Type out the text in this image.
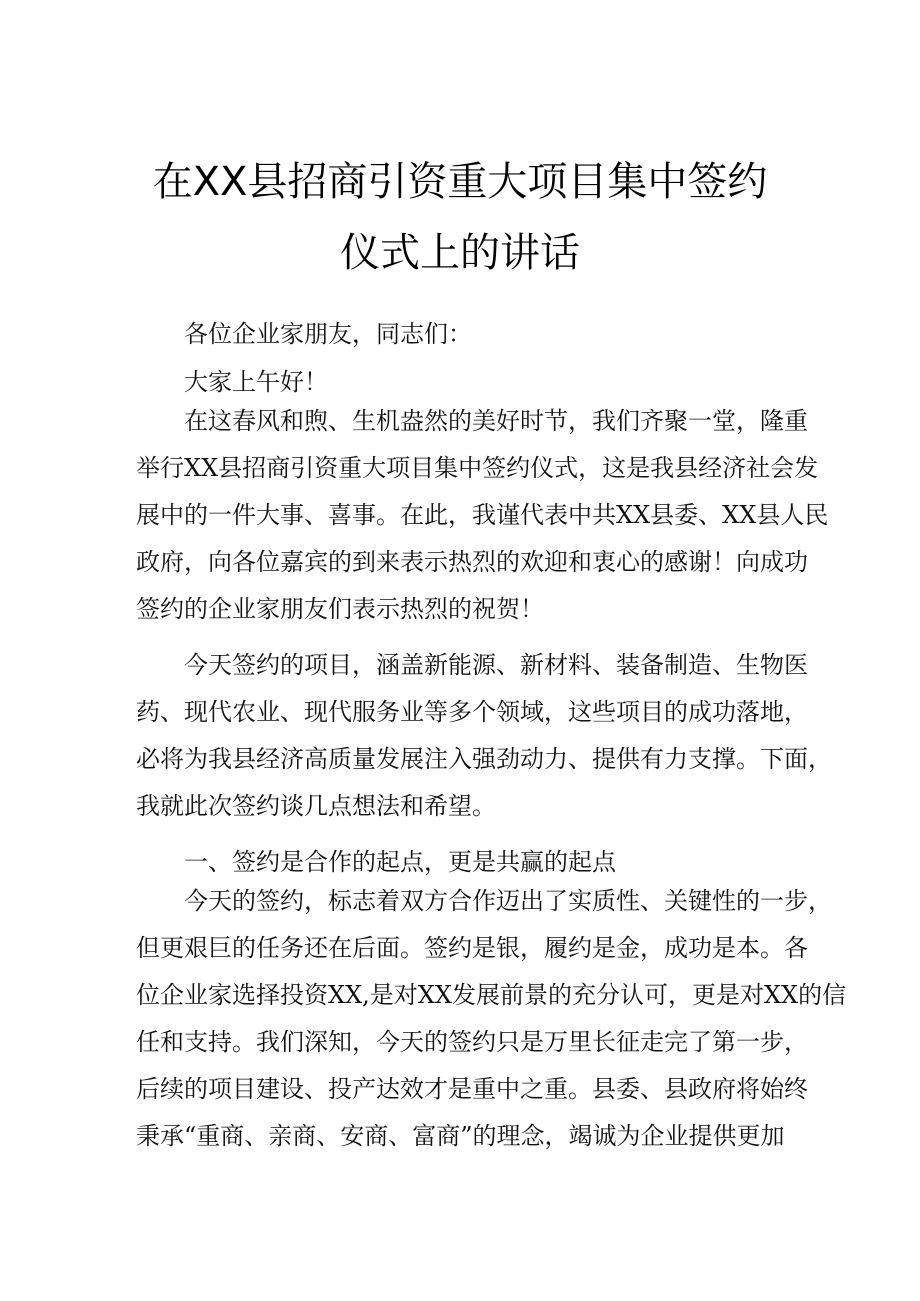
在XX县招商引资重大项目集中签约
仪式上的讲话
各位企业家朋友，同志们：
大家上午好！
在这春风和煦、生机盎然的美好时节，我们齐聚一堂，隆重
举行XX县招商引资重大项目集中签约仪式，这是我县经济社会发
展中的一件大事、喜事。在此，我谨代表中共XX县委、XX县人民
政府，向各位嘉宾的到来表示热烈的欢迎和衷心的感谢！向成功
签约的企业家朋友们表示热烈的祝贺！
今天签约的项目，涵盖新能源、新材料、装备制造、生物医
药、现代农业、现代服务业等多个领域，这些项目的成功落地，
必将为我县经济高质量发展注入强劲动力、提供有力支撑。下面，
我就此次签约谈几点想法和希望。
一、签约是合作的起点，更是共赢的起点
今天的签约，标志着双方合作迈出了实质性、关键性的一步，
但更艰巨的任务还在后面。签约是银，履约是金，成功是本。各
位企业家选择投资XX,是对XX发展前景的充分认可，更是对XX的信
任和支持。我们深知，今天的签约只是万里长征走完了第一步，
后续的项目建设、投产达效才是重中之重。县委、县政府将始终
秉承“重商、亲商、安商、富商”的理念，竭诚为企业提供更加
